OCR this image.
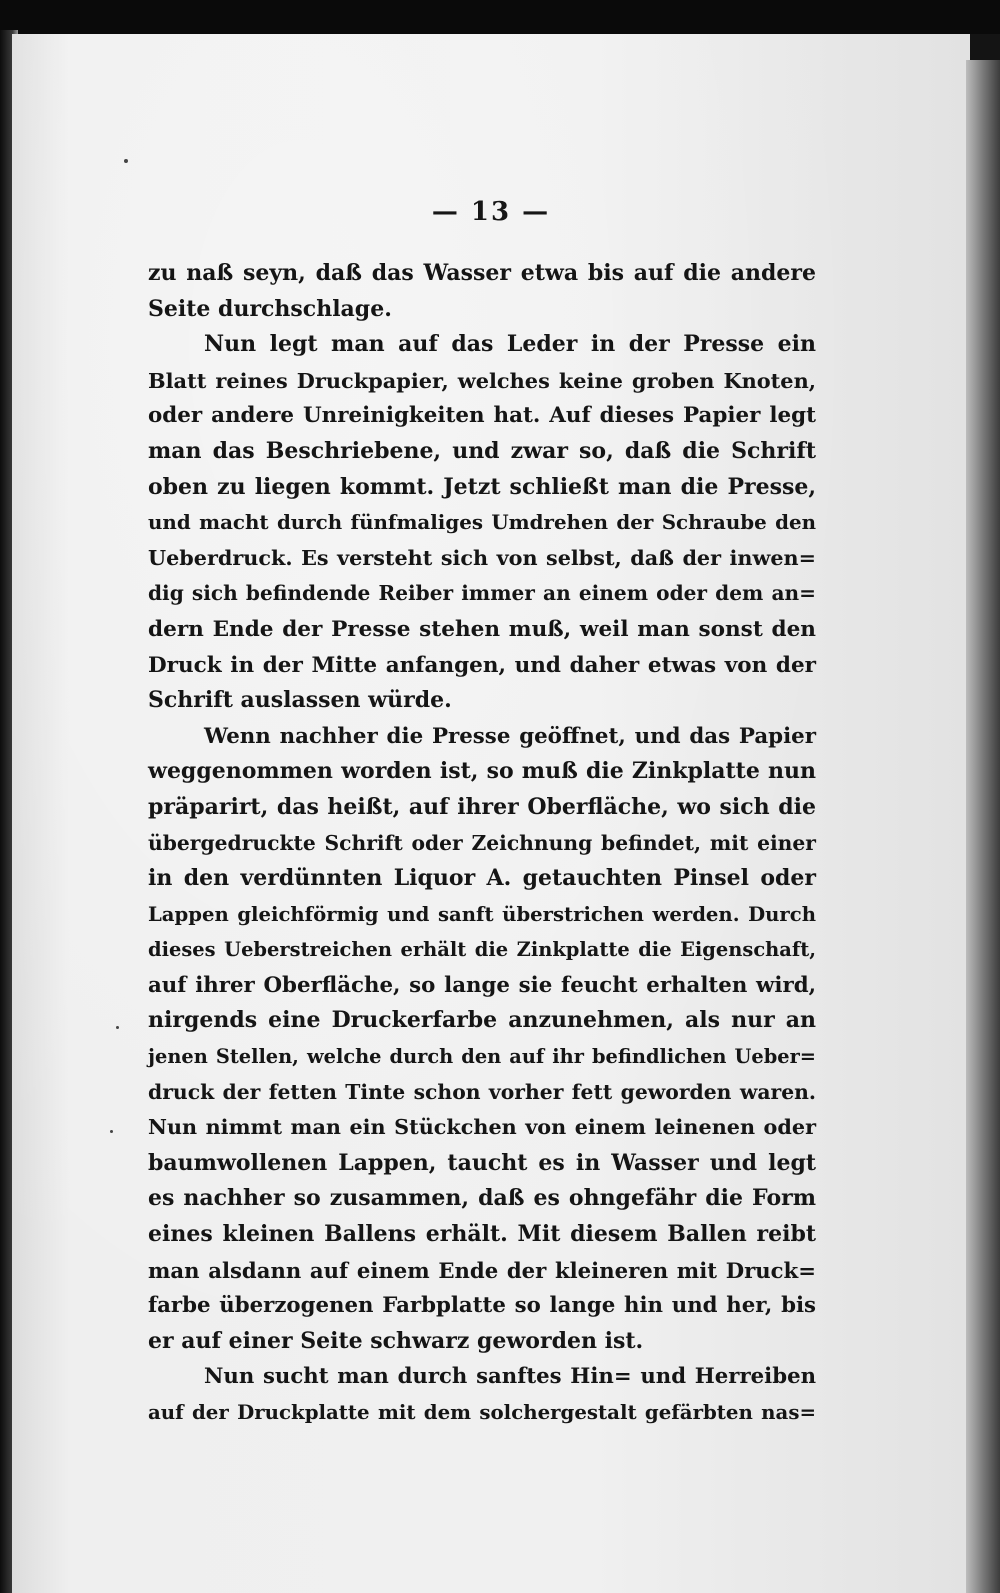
— 13 —
zu naß seyn, daß das Wasser etwa bis auf die andere
Seite durchschlage.
Nun legt man auf das Leder in der Presse ein
Blatt reines Druckpapier, welches keine groben Knoten,
oder andere Unreinigkeiten hat. Auf dieses Papier legt
man das Beschriebene, und zwar so, daß die Schrift
oben zu liegen kommt. Jetzt schließt man die Presse,
und macht durch fünfmaliges Umdrehen der Schraube den
Ueberdruck. Es versteht sich von selbst, daß der inwen=
dig sich befindende Reiber immer an einem oder dem an=
dern Ende der Presse stehen muß, weil man sonst den
Druck in der Mitte anfangen, und daher etwas von der
Schrift auslassen würde.
Wenn nachher die Presse geöffnet, und das Papier
weggenommen worden ist, so muß die Zinkplatte nun
präparirt, das heißt, auf ihrer Oberfläche, wo sich die
übergedruckte Schrift oder Zeichnung befindet, mit einer
in den verdünnten Liquor A. getauchten Pinsel oder
Lappen gleichförmig und sanft überstrichen werden. Durch
dieses Ueberstreichen erhält die Zinkplatte die Eigenschaft,
auf ihrer Oberfläche, so lange sie feucht erhalten wird,
nirgends eine Druckerfarbe anzunehmen, als nur an
jenen Stellen, welche durch den auf ihr befindlichen Ueber=
druck der fetten Tinte schon vorher fett geworden waren.
Nun nimmt man ein Stückchen von einem leinenen oder
baumwollenen Lappen, taucht es in Wasser und legt
es nachher so zusammen, daß es ohngefähr die Form
eines kleinen Ballens erhält. Mit diesem Ballen reibt
man alsdann auf einem Ende der kleineren mit Druck=
farbe überzogenen Farbplatte so lange hin und her, bis
er auf einer Seite schwarz geworden ist.
Nun sucht man durch sanftes Hin= und Herreiben
auf der Druckplatte mit dem solchergestalt gefärbten nas=
